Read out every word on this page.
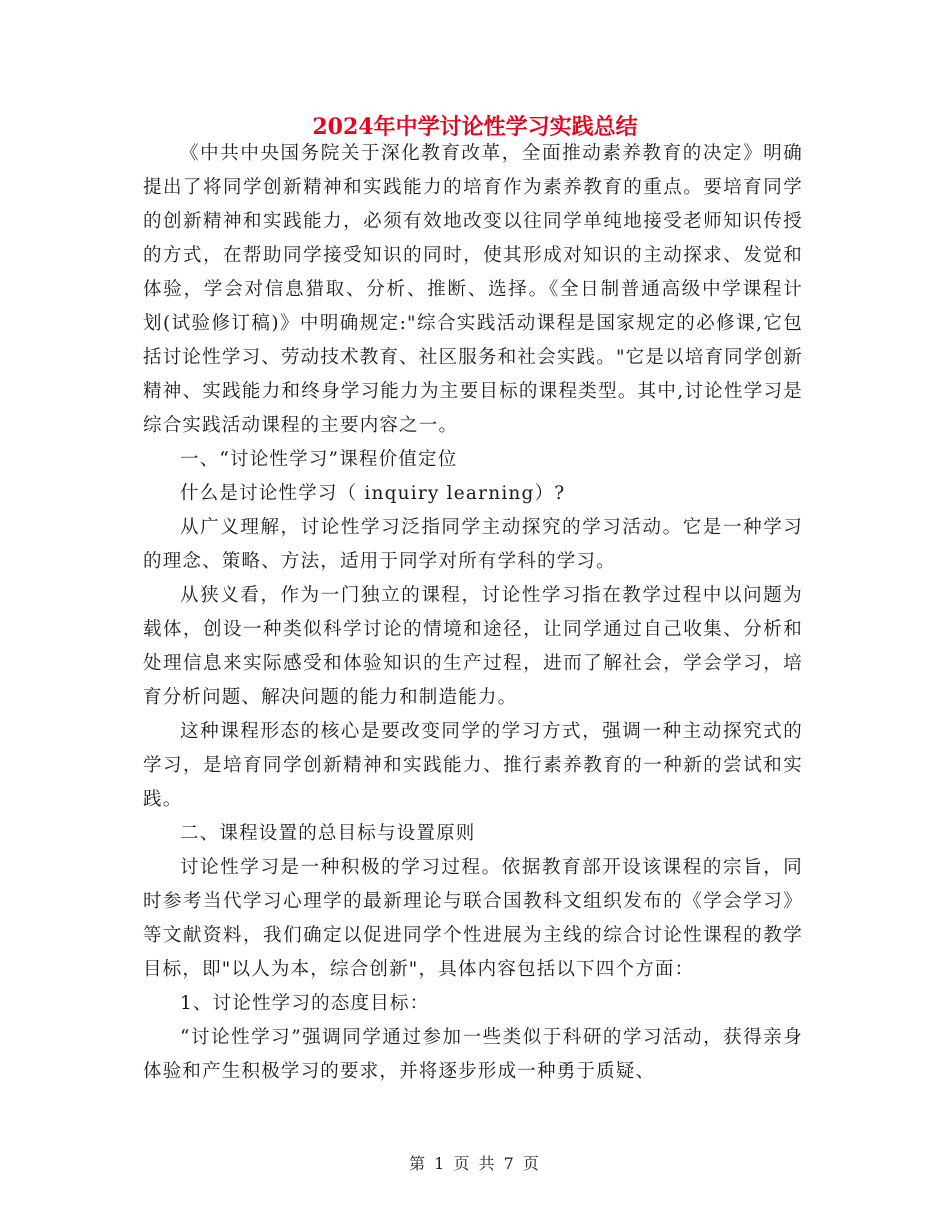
2024年中学讨论性学习实践总结

《中共中央国务院关于深化教育改革，全面推动素养教育的决定》明确提出了将同学创新精神和实践能力的培育作为素养教育的重点。要培育同学的创新精神和实践能力，必须有效地改变以往同学单纯地接受老师知识传授的方式，在帮助同学接受知识的同时，使其形成对知识的主动探求、发觉和体验，学会对信息猎取、分析、推断、选择。《全日制普通高级中学课程计划(试验修订稿)》中明确规定:"综合实践活动课程是国家规定的必修课,它包括讨论性学习、劳动技术教育、社区服务和社会实践。"它是以培育同学创新精神、实践能力和终身学习能力为主要目标的课程类型。其中,讨论性学习是综合实践活动课程的主要内容之一。

一、“讨论性学习”课程价值定位

什么是讨论性学习（ inquiry learning）?

从广义理解，讨论性学习泛指同学主动探究的学习活动。它是一种学习的理念、策略、方法，适用于同学对所有学科的学习。

从狭义看，作为一门独立的课程，讨论性学习指在教学过程中以问题为载体，创设一种类似科学讨论的情境和途径，让同学通过自己收集、分析和处理信息来实际感受和体验知识的生产过程，进而了解社会，学会学习，培育分析问题、解决问题的能力和制造能力。

这种课程形态的核心是要改变同学的学习方式，强调一种主动探究式的学习，是培育同学创新精神和实践能力、推行素养教育的一种新的尝试和实践。

二、课程设置的总目标与设置原则

讨论性学习是一种积极的学习过程。依据教育部开设该课程的宗旨，同时参考当代学习心理学的最新理论与联合国教科文组织发布的《学会学习》等文献资料，我们确定以促进同学个性进展为主线的综合讨论性课程的教学目标，即"以人为本，综合创新"，具体内容包括以下四个方面：

1、讨论性学习的态度目标：

“讨论性学习”强调同学通过参加一些类似于科研的学习活动，获得亲身体验和产生积极学习的要求，并将逐步形成一种勇于质疑、

第 1 页 共 7 页
